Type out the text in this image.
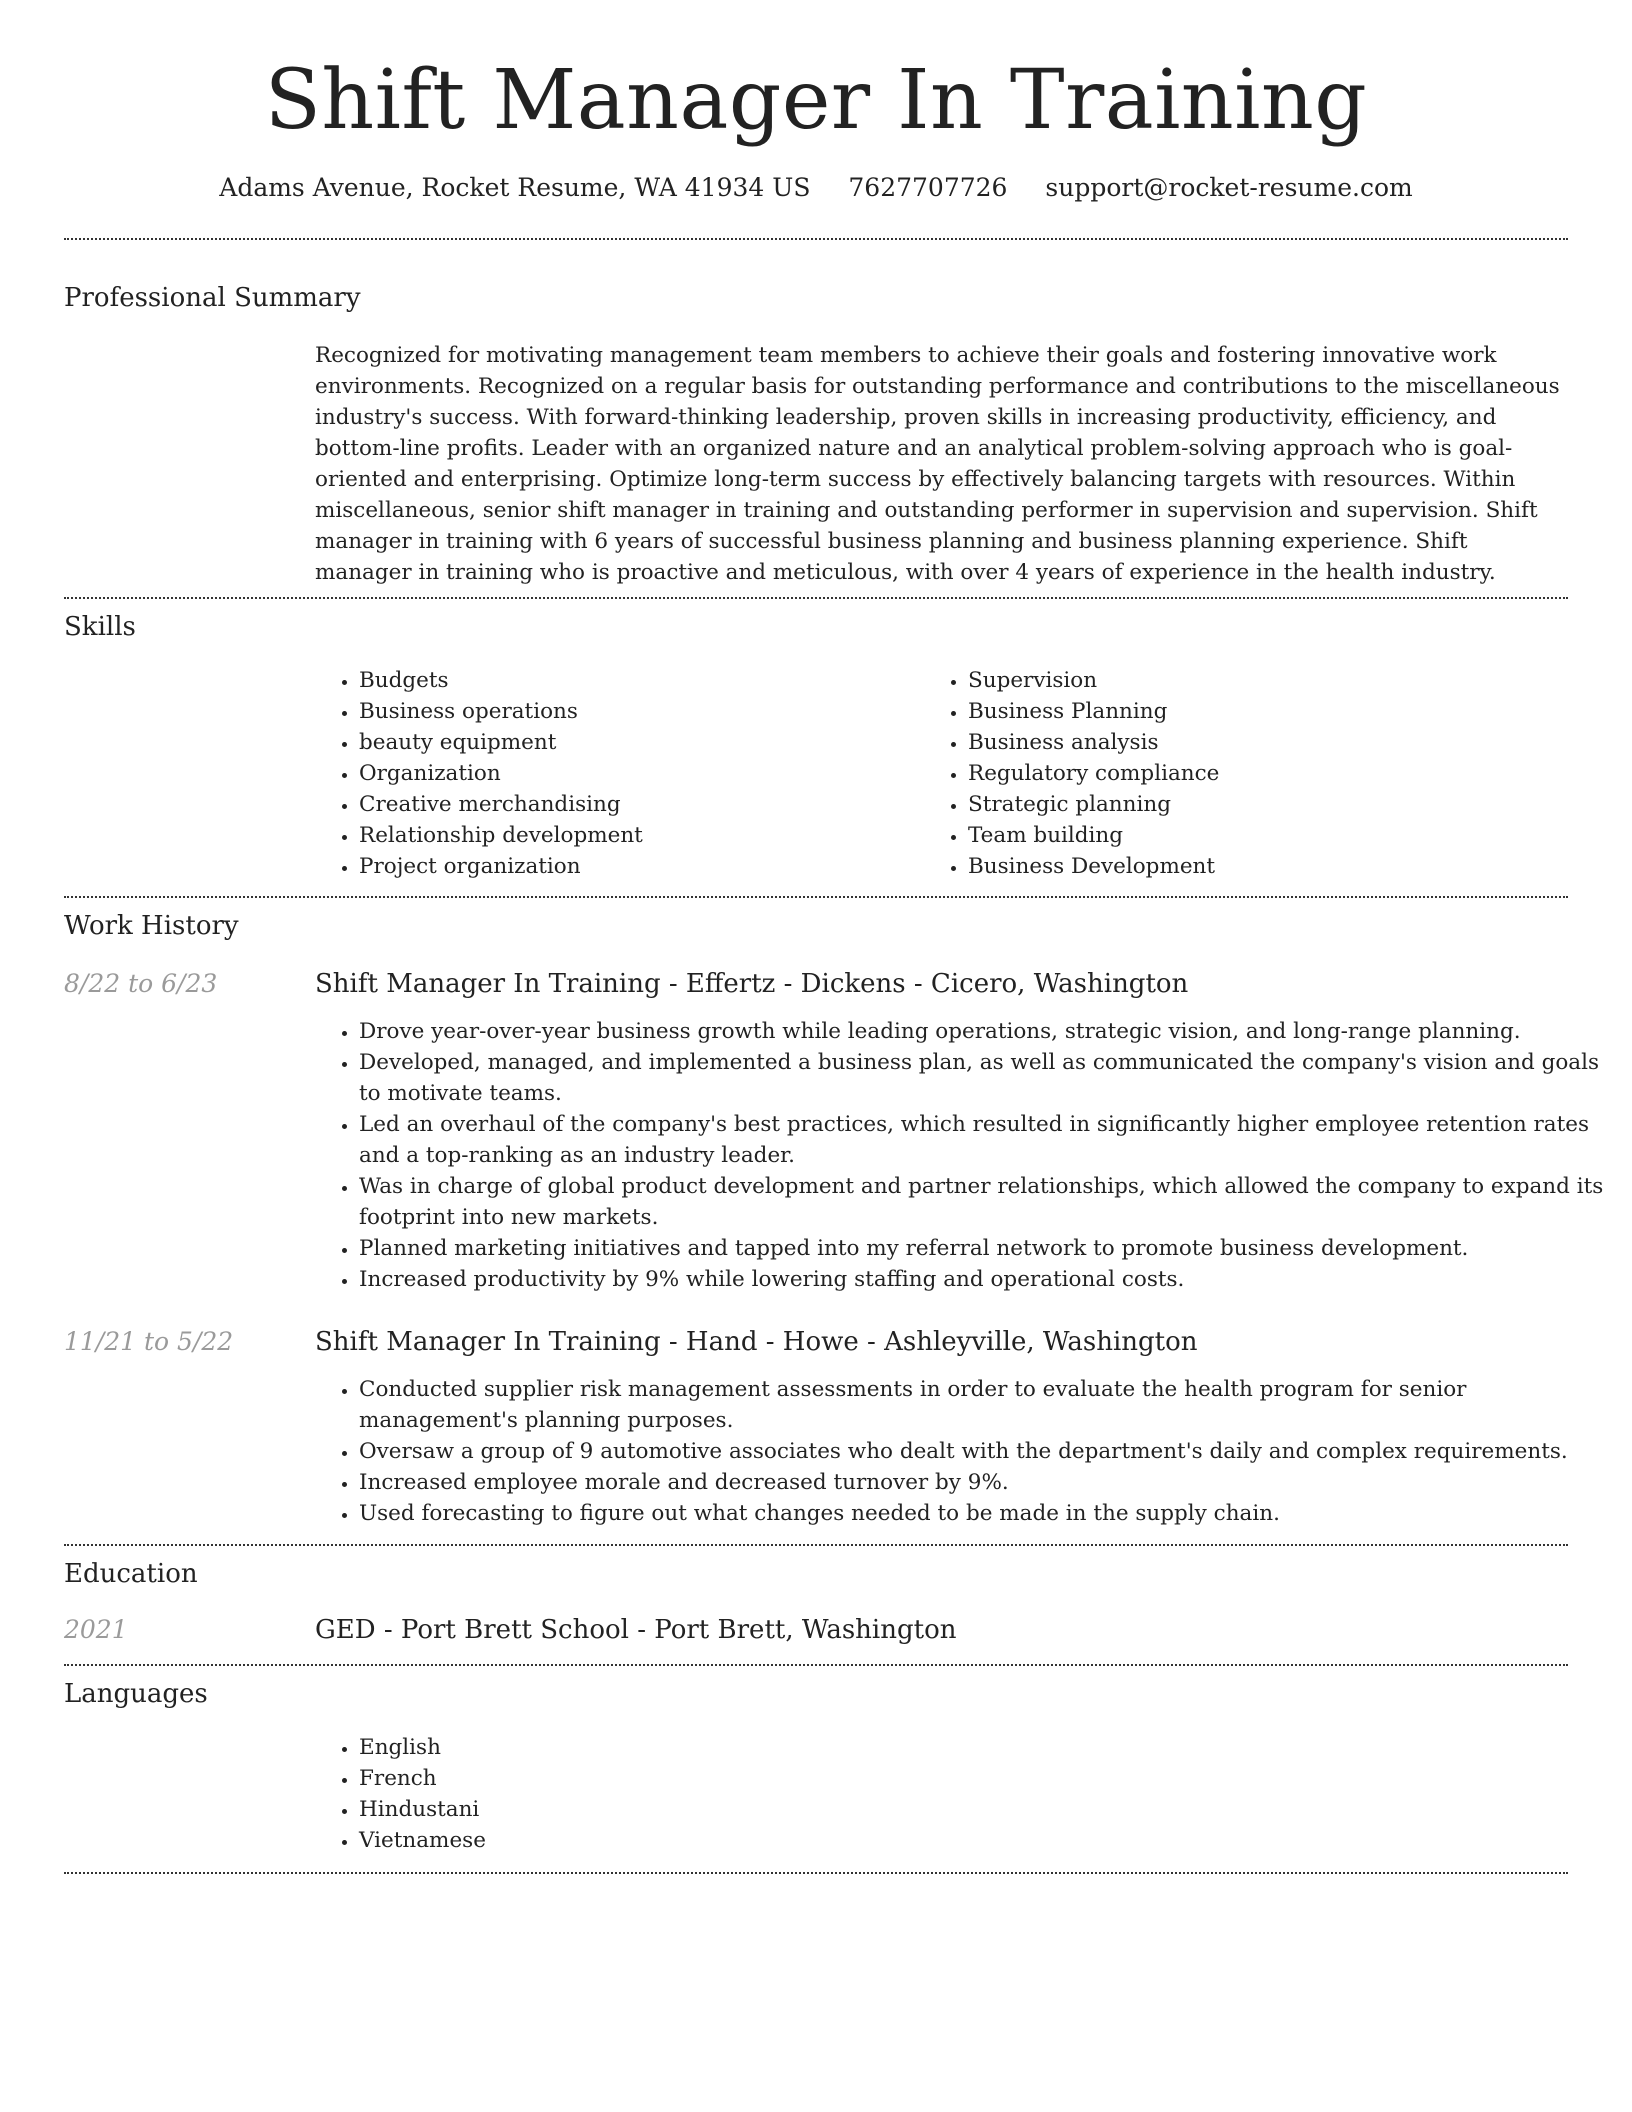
Shift Manager In Training
Adams Avenue, Rocket Resume, WA 41934 US 7627707726 support@rocket-resume.com
Professional Summary
Recognized for motivating management team members to achieve their goals and fostering innovative work environments. Recognized on a regular basis for outstanding performance and contributions to the miscellaneous industry's success. With forward-thinking leadership, proven skills in increasing productivity, efficiency, and bottom-line profits. Leader with an organized nature and an analytical problem-solving approach who is goal-oriented and enterprising. Optimize long-term success by effectively balancing targets with resources. Within miscellaneous, senior shift manager in training and outstanding performer in supervision and supervision. Shift manager in training with 6 years of successful business planning and business planning experience. Shift manager in training who is proactive and meticulous, with over 4 years of experience in the health industry.
Skills
• Budgets
• Business operations
• beauty equipment
• Organization
• Creative merchandising
• Relationship development
• Project organization
• Supervision
• Business Planning
• Business analysis
• Regulatory compliance
• Strategic planning
• Team building
• Business Development
Work History
8/22 to 6/23	Shift Manager In Training - Effertz - Dickens - Cicero, Washington
• Drove year-over-year business growth while leading operations, strategic vision, and long-range planning.
• Developed, managed, and implemented a business plan, as well as communicated the company's vision and goals to motivate teams.
• Led an overhaul of the company's best practices, which resulted in significantly higher employee retention rates and a top-ranking as an industry leader.
• Was in charge of global product development and partner relationships, which allowed the company to expand its footprint into new markets.
• Planned marketing initiatives and tapped into my referral network to promote business development.
• Increased productivity by 9% while lowering staffing and operational costs.
11/21 to 5/22	Shift Manager In Training - Hand - Howe - Ashleyville, Washington
• Conducted supplier risk management assessments in order to evaluate the health program for senior management's planning purposes.
• Oversaw a group of 9 automotive associates who dealt with the department's daily and complex requirements.
• Increased employee morale and decreased turnover by 9%.
• Used forecasting to figure out what changes needed to be made in the supply chain.
Education
2021	GED - Port Brett School - Port Brett, Washington
Languages
• English
• French
• Hindustani
• Vietnamese
